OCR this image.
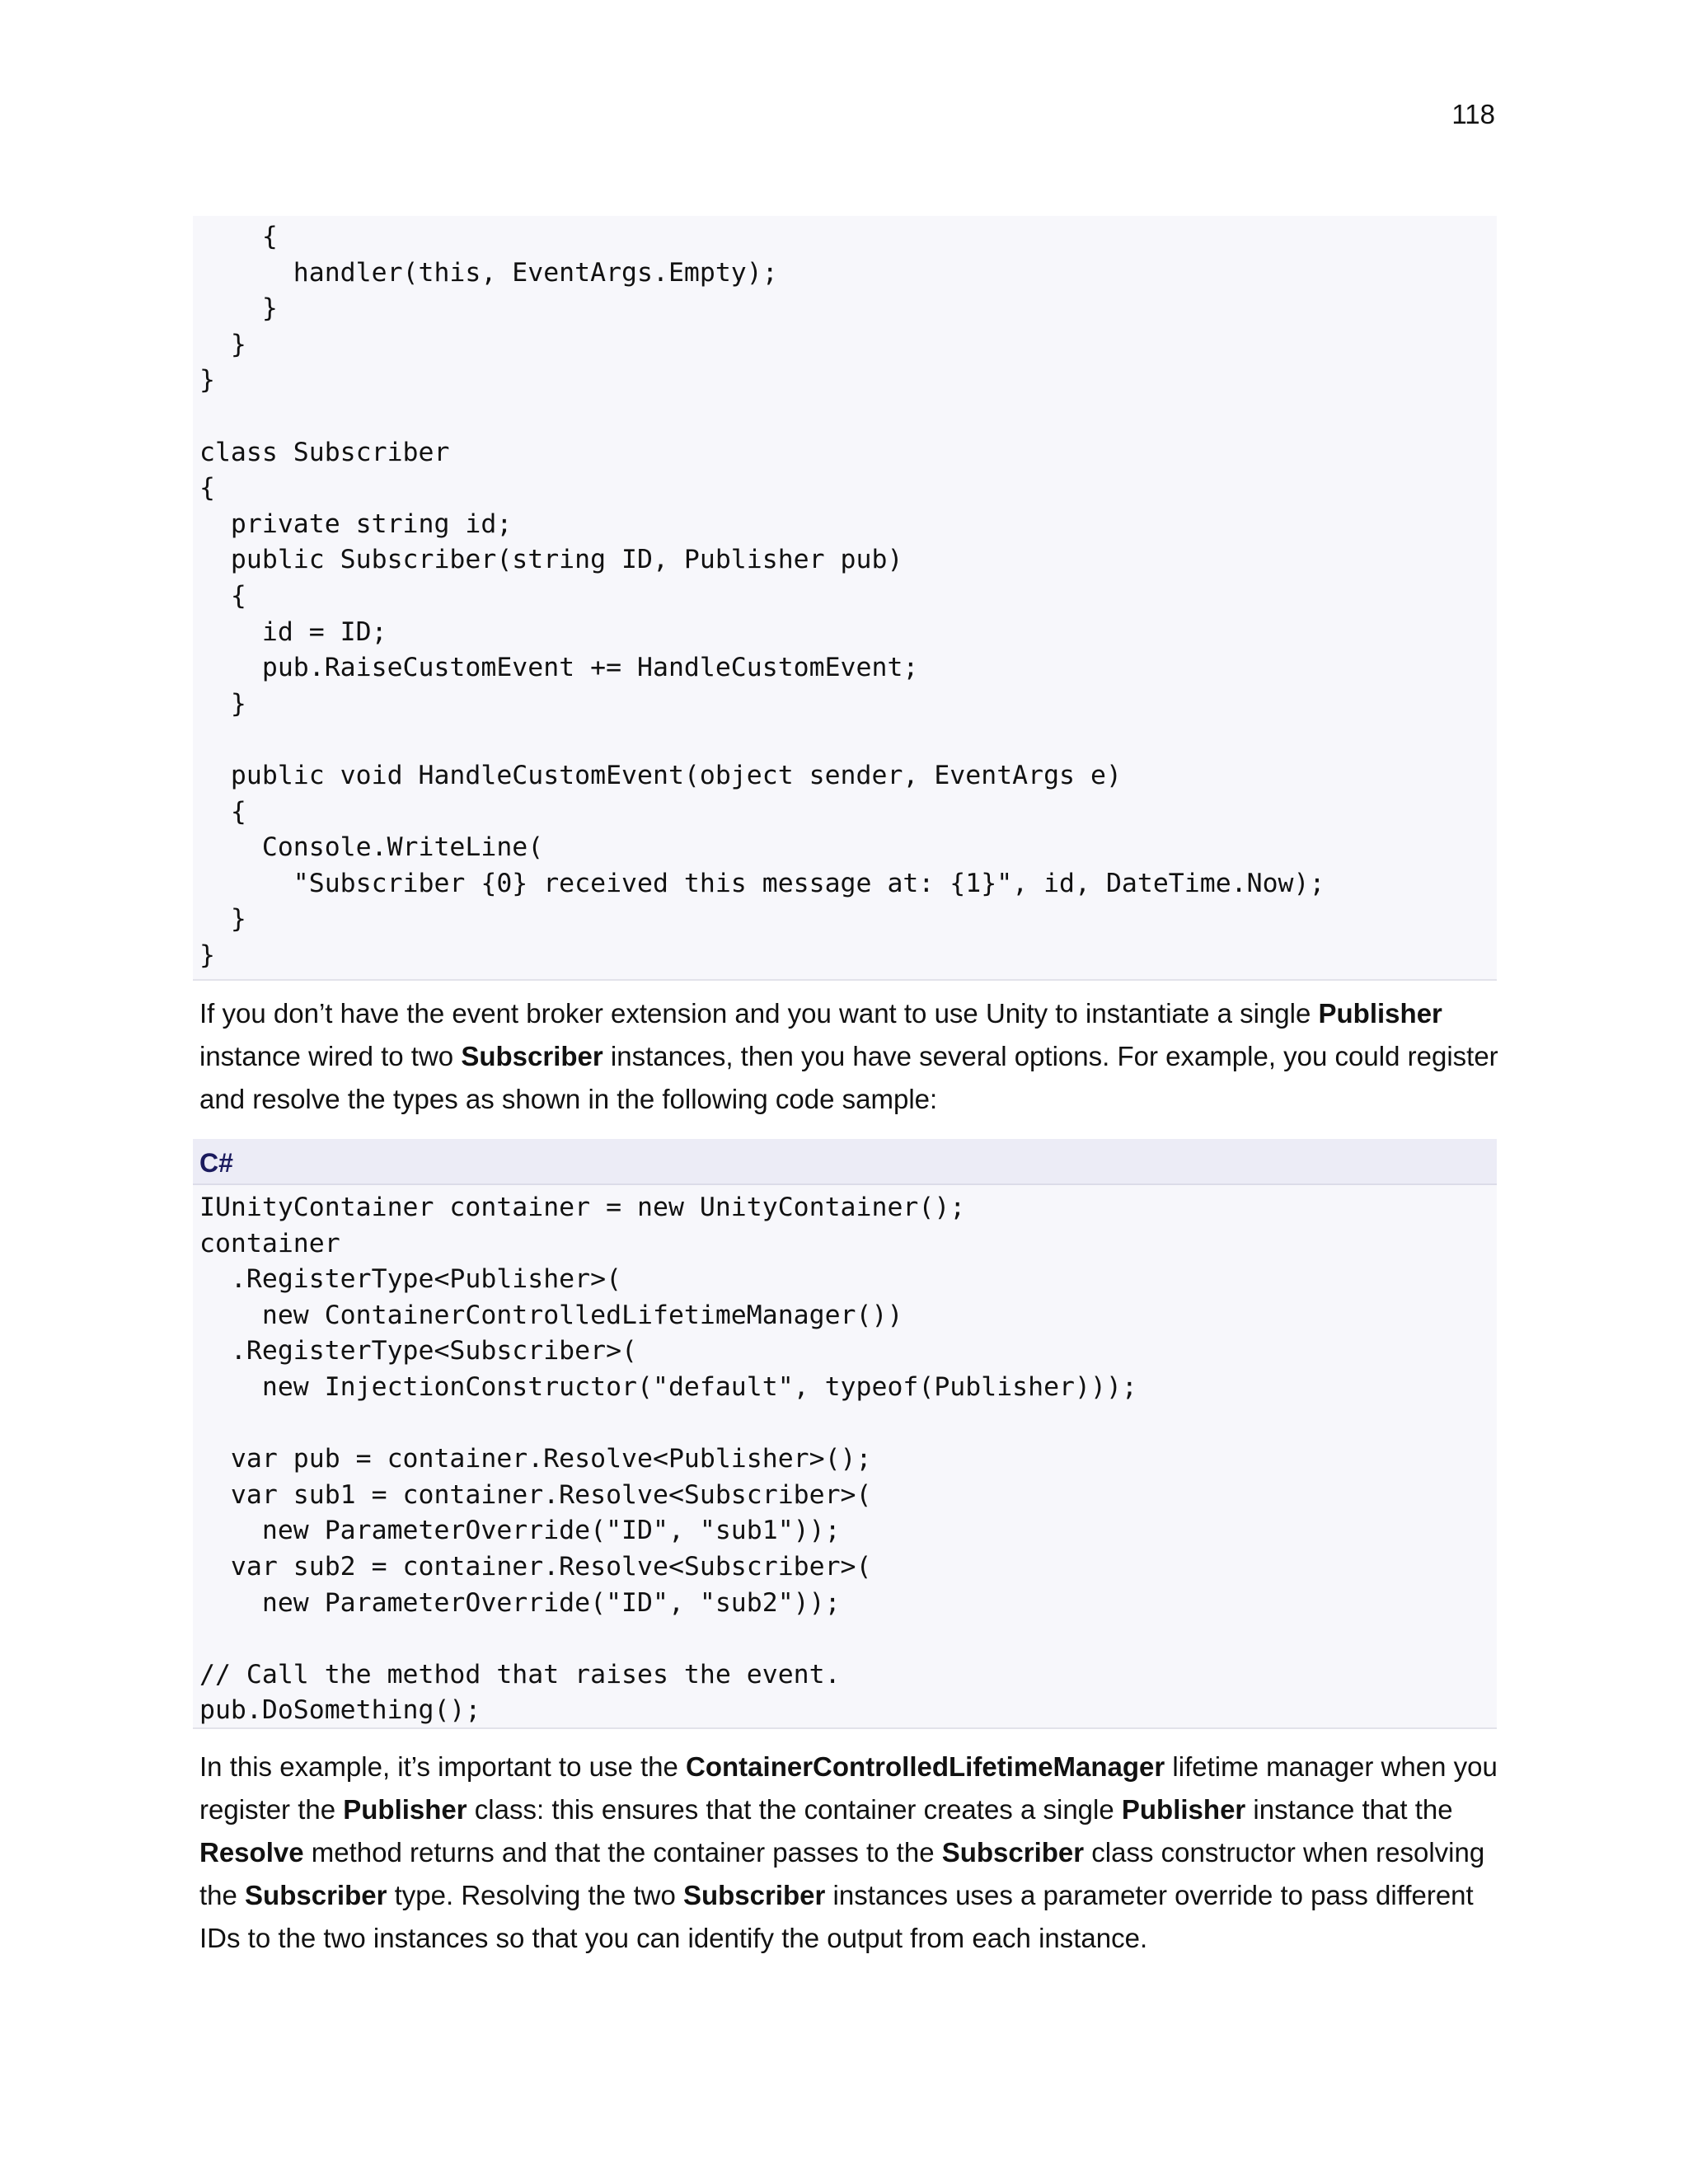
118
{
handler(this, EventArgs.Empty);
}
}
}

class Subscriber
{
private string id;
public Subscriber(string ID, Publisher pub)
{
id = ID;
pub.RaiseCustomEvent += HandleCustomEvent;
}

public void HandleCustomEvent(object sender, EventArgs e)
{
Console.WriteLine(
"Subscriber {0} received this message at: {1}", id, DateTime.Now);
}
}

If you don’t have the event broker extension and you want to use Unity to instantiate a single Publisher instance wired to two Subscriber instances, then you have several options. For example, you could register and resolve the types as shown in the following code sample:

C#
IUnityContainer container = new UnityContainer();
container
.RegisterType<Publisher>(
new ContainerControlledLifetimeManager())
.RegisterType<Subscriber>(
new InjectionConstructor("default", typeof(Publisher)));

var pub = container.Resolve<Publisher>();
var sub1 = container.Resolve<Subscriber>(
new ParameterOverride("ID", "sub1"));
var sub2 = container.Resolve<Subscriber>(
new ParameterOverride("ID", "sub2"));

// Call the method that raises the event.
pub.DoSomething();

In this example, it’s important to use the ContainerControlledLifetimeManager lifetime manager when you register the Publisher class: this ensures that the container creates a single Publisher instance that the Resolve method returns and that the container passes to the Subscriber class constructor when resolving the Subscriber type. Resolving the two Subscriber instances uses a parameter override to pass different IDs to the two instances so that you can identify the output from each instance.
